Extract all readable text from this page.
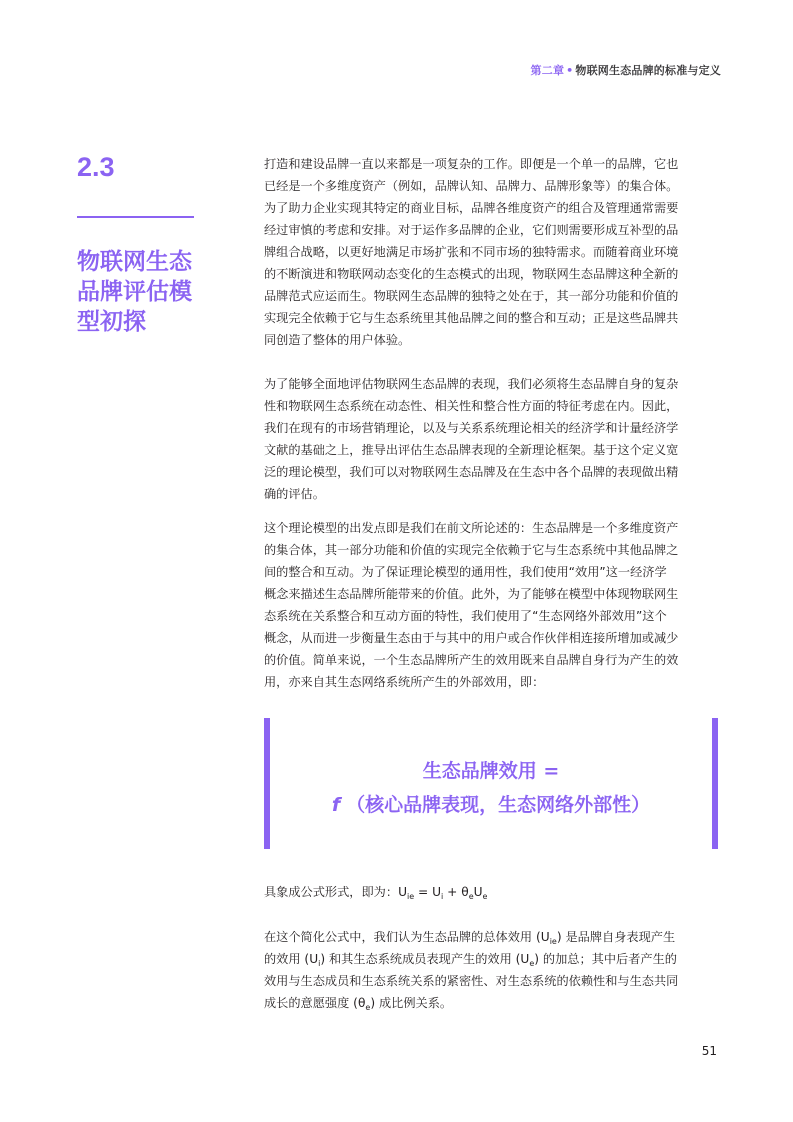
第二章 • 物联网生态品牌的标准与定义
2.3
物联网生态
品牌评估模
型初探
打造和建设品牌一直以来都是一项复杂的工作。即便是一个单一的品牌，它也
已经是一个多维度资产（例如，品牌认知、品牌力、品牌形象等）的集合体。
为了助力企业实现其特定的商业目标，品牌各维度资产的组合及管理通常需要
经过审慎的考虑和安排。对于运作多品牌的企业，它们则需要形成互补型的品
牌组合战略，以更好地满足市场扩张和不同市场的独特需求。而随着商业环境
的不断演进和物联网动态变化的生态模式的出现，物联网生态品牌这种全新的
品牌范式应运而生。物联网生态品牌的独特之处在于，其一部分功能和价值的
实现完全依赖于它与生态系统里其他品牌之间的整合和互动；正是这些品牌共
同创造了整体的用户体验。
为了能够全面地评估物联网生态品牌的表现，我们必须将生态品牌自身的复杂
性和物联网生态系统在动态性、相关性和整合性方面的特征考虑在内。因此，
我们在现有的市场营销理论，以及与关系系统理论相关的经济学和计量经济学
文献的基础之上，推导出评估生态品牌表现的全新理论框架。基于这个定义宽
泛的理论模型，我们可以对物联网生态品牌及在生态中各个品牌的表现做出精
确的评估。
这个理论模型的出发点即是我们在前文所论述的：生态品牌是一个多维度资产
的集合体，其一部分功能和价值的实现完全依赖于它与生态系统中其他品牌之
间的整合和互动。为了保证理论模型的通用性，我们使用“效用”这一经济学
概念来描述生态品牌所能带来的价值。此外，为了能够在模型中体现物联网生
态系统在关系整合和互动方面的特性，我们使用了“生态网络外部效用”这个
概念，从而进一步衡量生态由于与其中的用户或合作伙伴相连接所增加或减少
的价值。简单来说，一个生态品牌所产生的效用既来自品牌自身行为产生的效
用，亦来自其生态网络系统所产生的外部效用，即：
生态品牌效用 =
f （核心品牌表现，生态网络外部性）
具象成公式形式，即为：$U_{ie} = U_i + \theta_eU_e$
在这个简化公式中，我们认为生态品牌的总体效用 $(U_{ie})$ 是品牌自身表现产生
的效用 $(U_i)$ 和其生态系统成员表现产生的效用 $(U_e)$ 的加总；其中后者产生的
效用与生态成员和生态系统关系的紧密性、对生态系统的依赖性和与生态共同
成长的意愿强度 $(\theta_e)$ 成比例关系。
51
